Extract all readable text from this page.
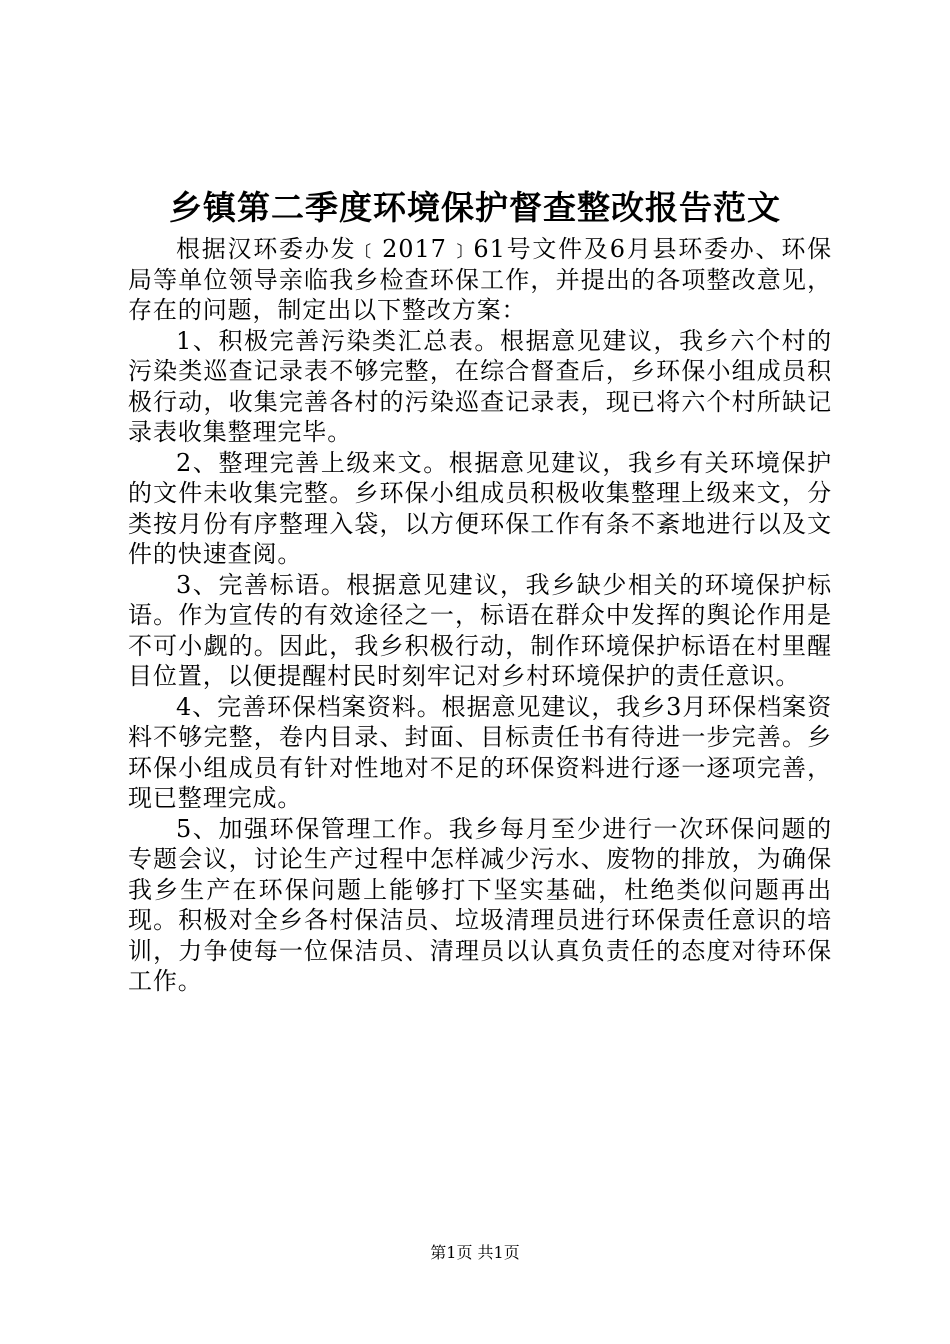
乡镇第二季度环境保护督查整改报告范文

根据汉环委办发﹝2017﹞61号文件及6月县环委办、环保局等单位领导亲临我乡检查环保工作，并提出的各项整改意见，存在的问题，制定出以下整改方案：

1、积极完善污染类汇总表。根据意见建议，我乡六个村的污染类巡查记录表不够完整，在综合督查后，乡环保小组成员积极行动，收集完善各村的污染巡查记录表，现已将六个村所缺记录表收集整理完毕。

2、整理完善上级来文。根据意见建议，我乡有关环境保护的文件未收集完整。乡环保小组成员积极收集整理上级来文，分类按月份有序整理入袋，以方便环保工作有条不紊地进行以及文件的快速查阅。

3、完善标语。根据意见建议，我乡缺少相关的环境保护标语。作为宣传的有效途径之一，标语在群众中发挥的舆论作用是不可小觑的。因此，我乡积极行动，制作环境保护标语在村里醒目位置，以便提醒村民时刻牢记对乡村环境保护的责任意识。

4、完善环保档案资料。根据意见建议，我乡3月环保档案资料不够完整，卷内目录、封面、目标责任书有待进一步完善。乡环保小组成员有针对性地对不足的环保资料进行逐一逐项完善，现已整理完成。

5、加强环保管理工作。我乡每月至少进行一次环保问题的专题会议，讨论生产过程中怎样减少污水、废物的排放，为确保我乡生产在环保问题上能够打下坚实基础，杜绝类似问题再出现。积极对全乡各村保洁员、垃圾清理员进行环保责任意识的培训，力争使每一位保洁员、清理员以认真负责任的态度对待环保工作。

第1页 共1页
